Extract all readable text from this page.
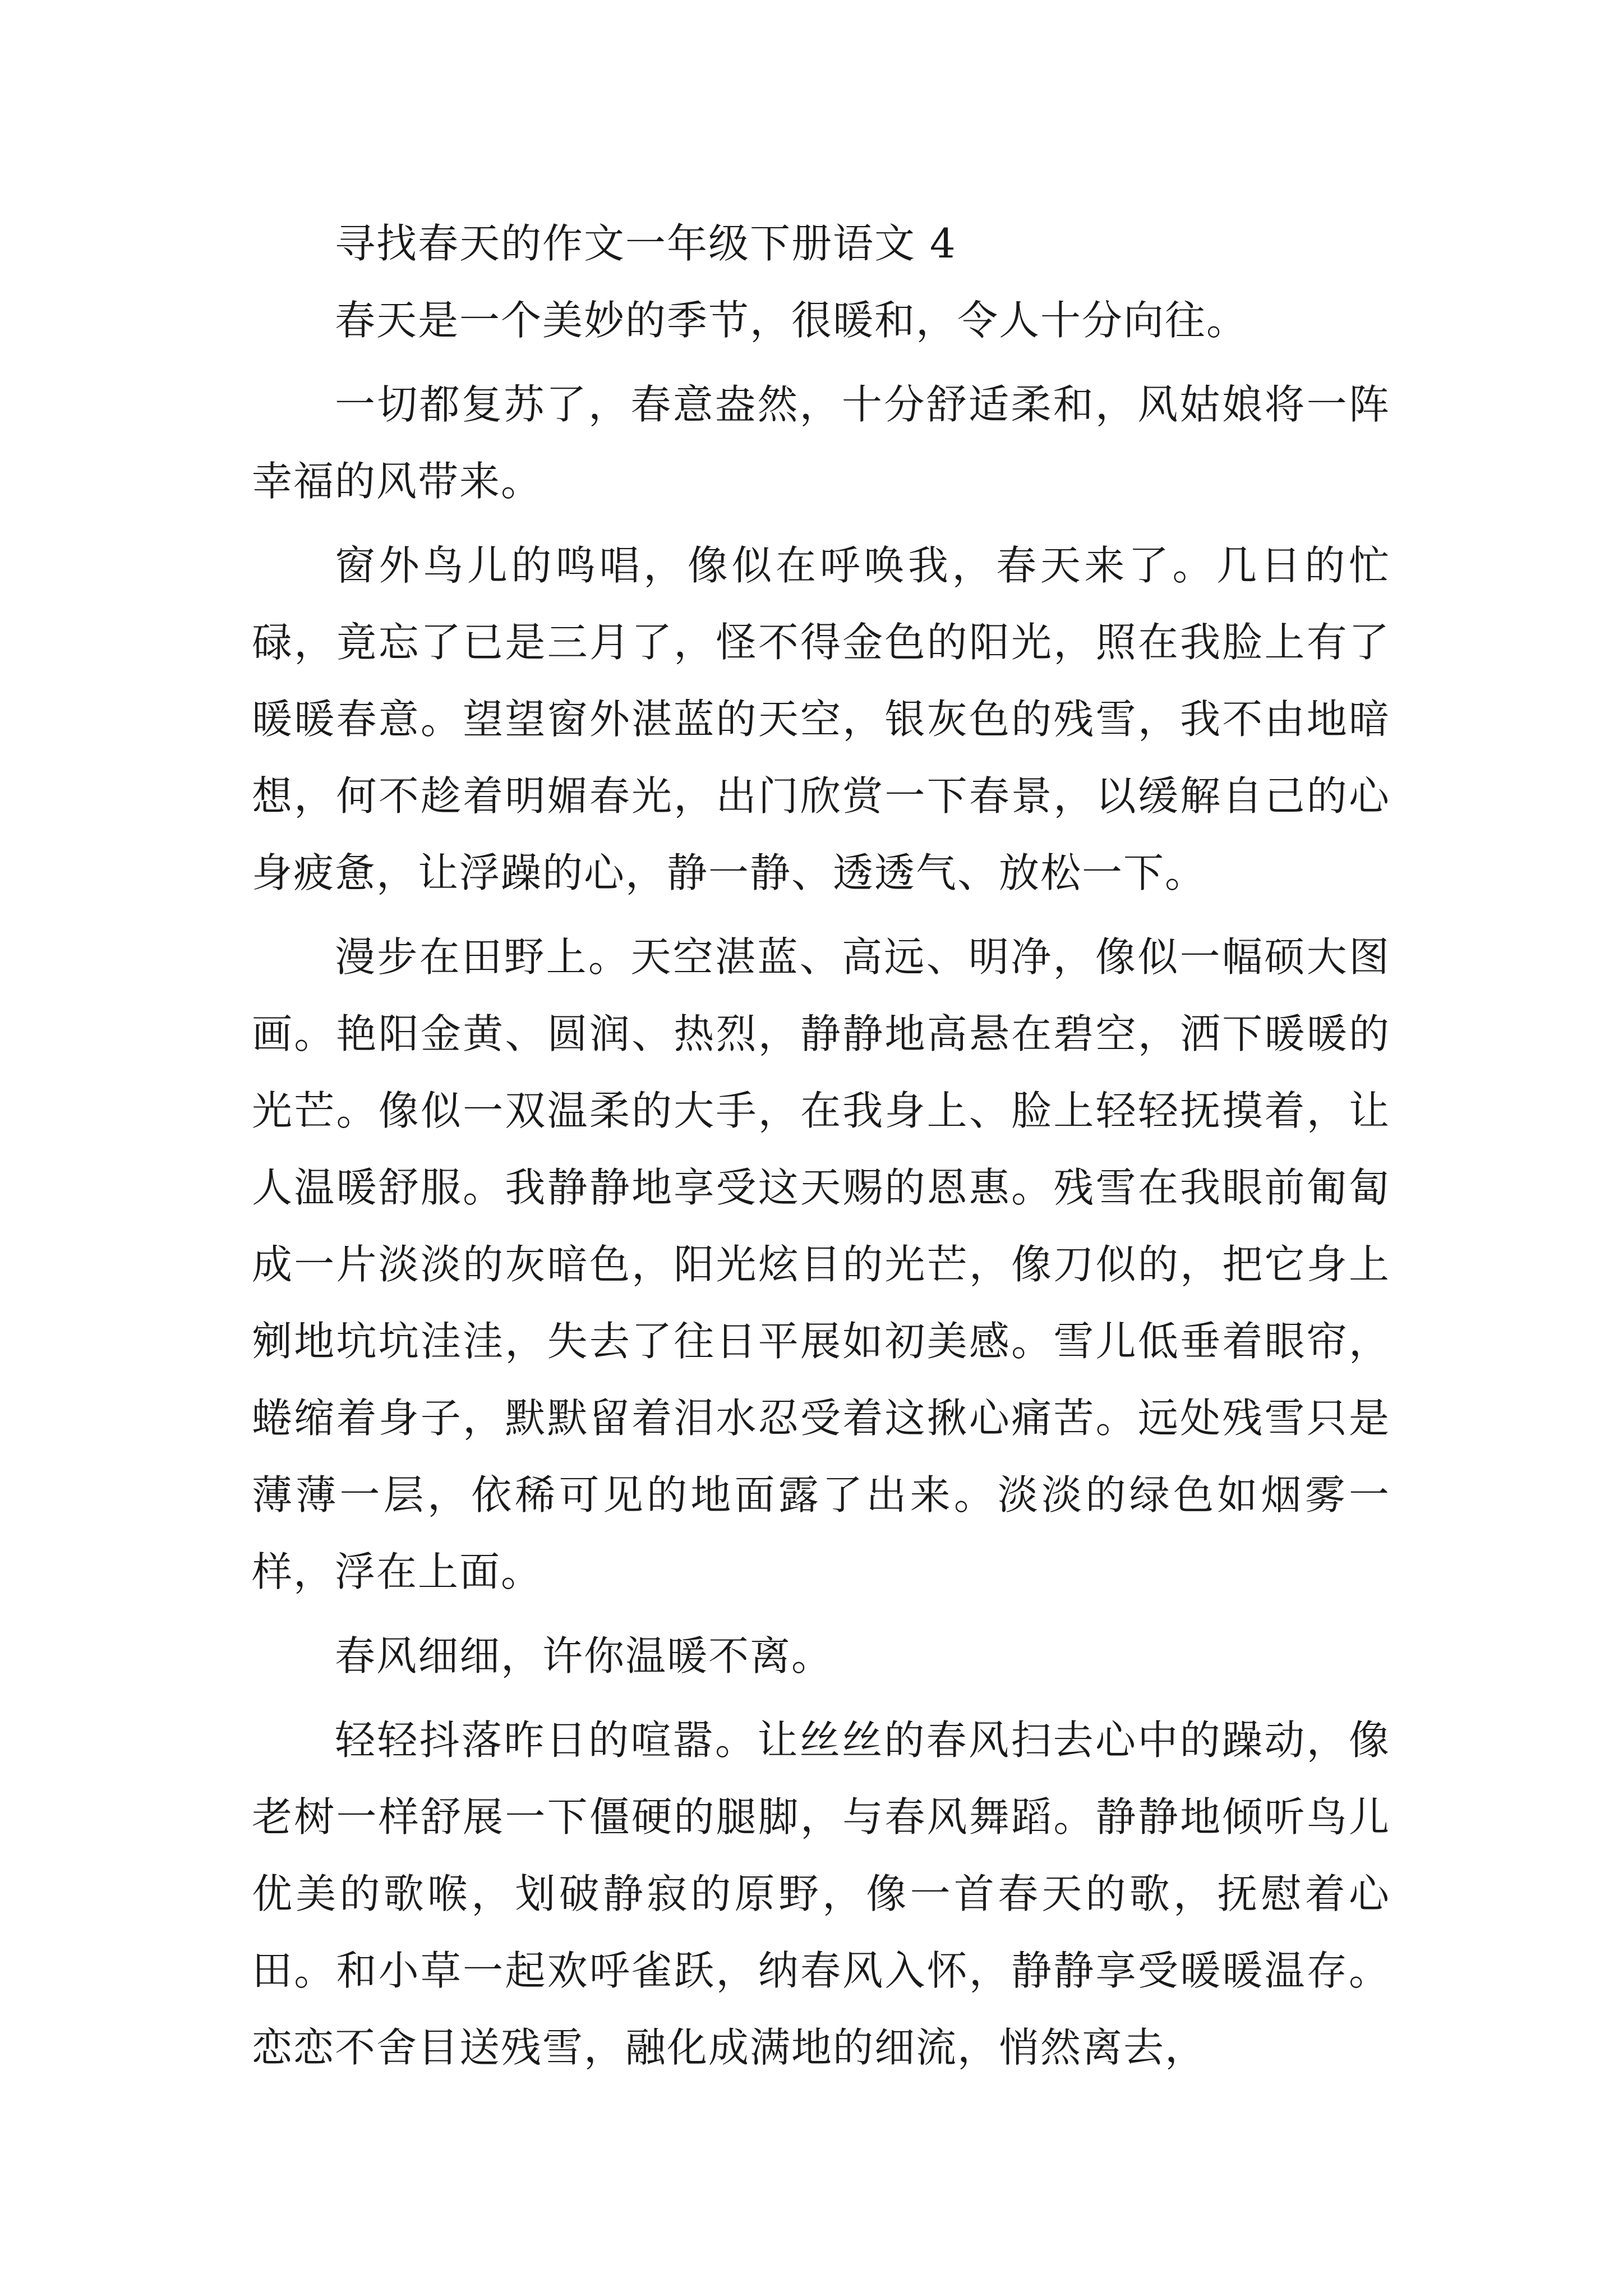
寻找春天的作文一年级下册语文 4

春天是一个美妙的季节，很暖和，令人十分向往。

一切都复苏了，春意盎然，十分舒适柔和，风姑娘将一阵幸福的风带来。

窗外鸟儿的鸣唱，像似在呼唤我，春天来了。几日的忙碌，竟忘了已是三月了，怪不得金色的阳光，照在我脸上有了暖暖春意。望望窗外湛蓝的天空，银灰色的残雪，我不由地暗想，何不趁着明媚春光，出门欣赏一下春景，以缓解自己的心身疲惫，让浮躁的心，静一静、透透气、放松一下。

漫步在田野上。天空湛蓝、高远、明净，像似一幅硕大图画。艳阳金黄、圆润、热烈，静静地高悬在碧空，洒下暖暖的光芒。像似一双温柔的大手，在我身上、脸上轻轻抚摸着，让人温暖舒服。我静静地享受这天赐的恩惠。残雪在我眼前匍匐成一片淡淡的灰暗色，阳光炫目的光芒，像刀似的，把它身上剜地坑坑洼洼，失去了往日平展如初美感。雪儿低垂着眼帘，蜷缩着身子，默默留着泪水忍受着这揪心痛苦。远处残雪只是薄薄一层，依稀可见的地面露了出来。淡淡的绿色如烟雾一样，浮在上面。

春风细细，许你温暖不离。

轻轻抖落昨日的喧嚣。让丝丝的春风扫去心中的躁动，像老树一样舒展一下僵硬的腿脚，与春风舞蹈。静静地倾听鸟儿优美的歌喉，划破静寂的原野，像一首春天的歌，抚慰着心田。和小草一起欢呼雀跃，纳春风入怀，静静享受暖暖温存。恋恋不舍目送残雪，融化成满地的细流，悄然离去，
